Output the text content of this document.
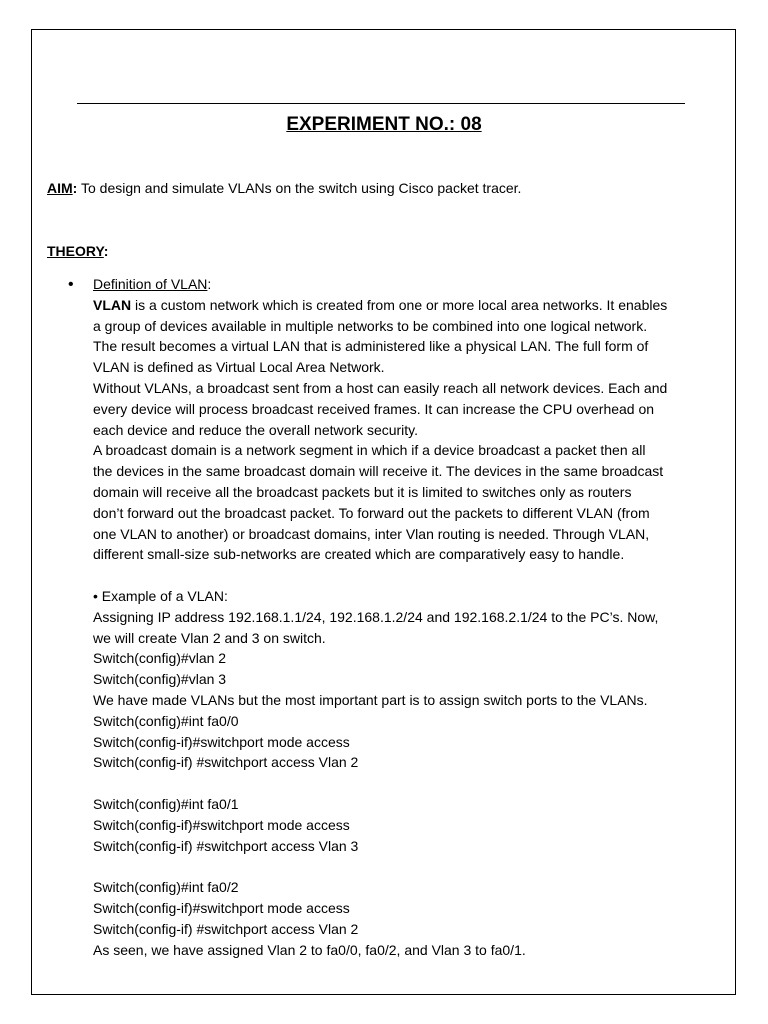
EXPERIMENT NO.: 08
AIM: To design and simulate VLANs on the switch using Cisco packet tracer.
THEORY:
• Definition of VLAN:
VLAN is a custom network which is created from one or more local area networks. It enables
a group of devices available in multiple networks to be combined into one logical network.
The result becomes a virtual LAN that is administered like a physical LAN. The full form of
VLAN is defined as Virtual Local Area Network.
Without VLANs, a broadcast sent from a host can easily reach all network devices. Each and
every device will process broadcast received frames. It can increase the CPU overhead on
each device and reduce the overall network security.
A broadcast domain is a network segment in which if a device broadcast a packet then all
the devices in the same broadcast domain will receive it. The devices in the same broadcast
domain will receive all the broadcast packets but it is limited to switches only as routers
don’t forward out the broadcast packet. To forward out the packets to different VLAN (from
one VLAN to another) or broadcast domains, inter Vlan routing is needed. Through VLAN,
different small-size sub-networks are created which are comparatively easy to handle.
• Example of a VLAN:
Assigning IP address 192.168.1.1/24, 192.168.1.2/24 and 192.168.2.1/24 to the PC’s. Now,
we will create Vlan 2 and 3 on switch.
Switch(config)#vlan 2
Switch(config)#vlan 3
We have made VLANs but the most important part is to assign switch ports to the VLANs.
Switch(config)#int fa0/0
Switch(config-if)#switchport mode access
Switch(config-if) #switchport access Vlan 2
Switch(config)#int fa0/1
Switch(config-if)#switchport mode access
Switch(config-if) #switchport access Vlan 3
Switch(config)#int fa0/2
Switch(config-if)#switchport mode access
Switch(config-if) #switchport access Vlan 2
As seen, we have assigned Vlan 2 to fa0/0, fa0/2, and Vlan 3 to fa0/1.
